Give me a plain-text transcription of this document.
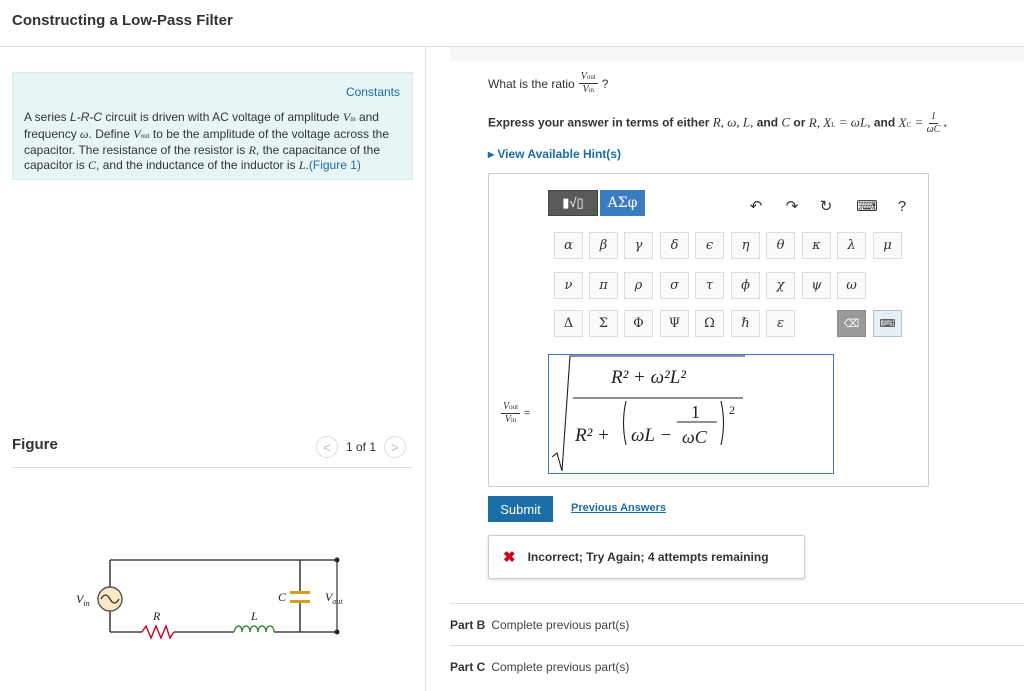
Constructing a Low-Pass Filter
Constants
A series L-R-C circuit is driven with AC voltage of amplitude Vin and frequency ω. Define Vout to be the amplitude of the voltage across the capacitor. The resistance of the resistor is R, the capacitance of the capacitor is C, and the inductance of the inductor is L.(Figure 1)
Figure	<	1 of 1	>
$V_{in}$
R	L
C	$V_{out}$
What is the ratio $\frac{\text{Vout}}{\text{Vin}}$ ?
Express your answer in terms of either R, ω, L, and C or R, XL = ωL, and XC = $\frac{1}{\omega C}$ .
▸ View Available Hint(s)
▮√▯	ΑΣφ	↶	↷	↻	⌨	?
α	β	γ	δ	ϵ	η	θ	κ	λ	μ
ν	π	ρ	σ	τ	ϕ	χ	ψ	ω
Δ	Σ	Φ	Ψ	Ω	ℏ	ε	⌫	⌨
$\frac{\text{Vout}}{\text{Vin}}$ =
R² + ω²L²
R² + ωL −
1
ωC
2
Submit	Previous Answers
✖ Incorrect; Try Again; 4 attempts remaining
Part B Complete previous part(s)
Part C Complete previous part(s)
